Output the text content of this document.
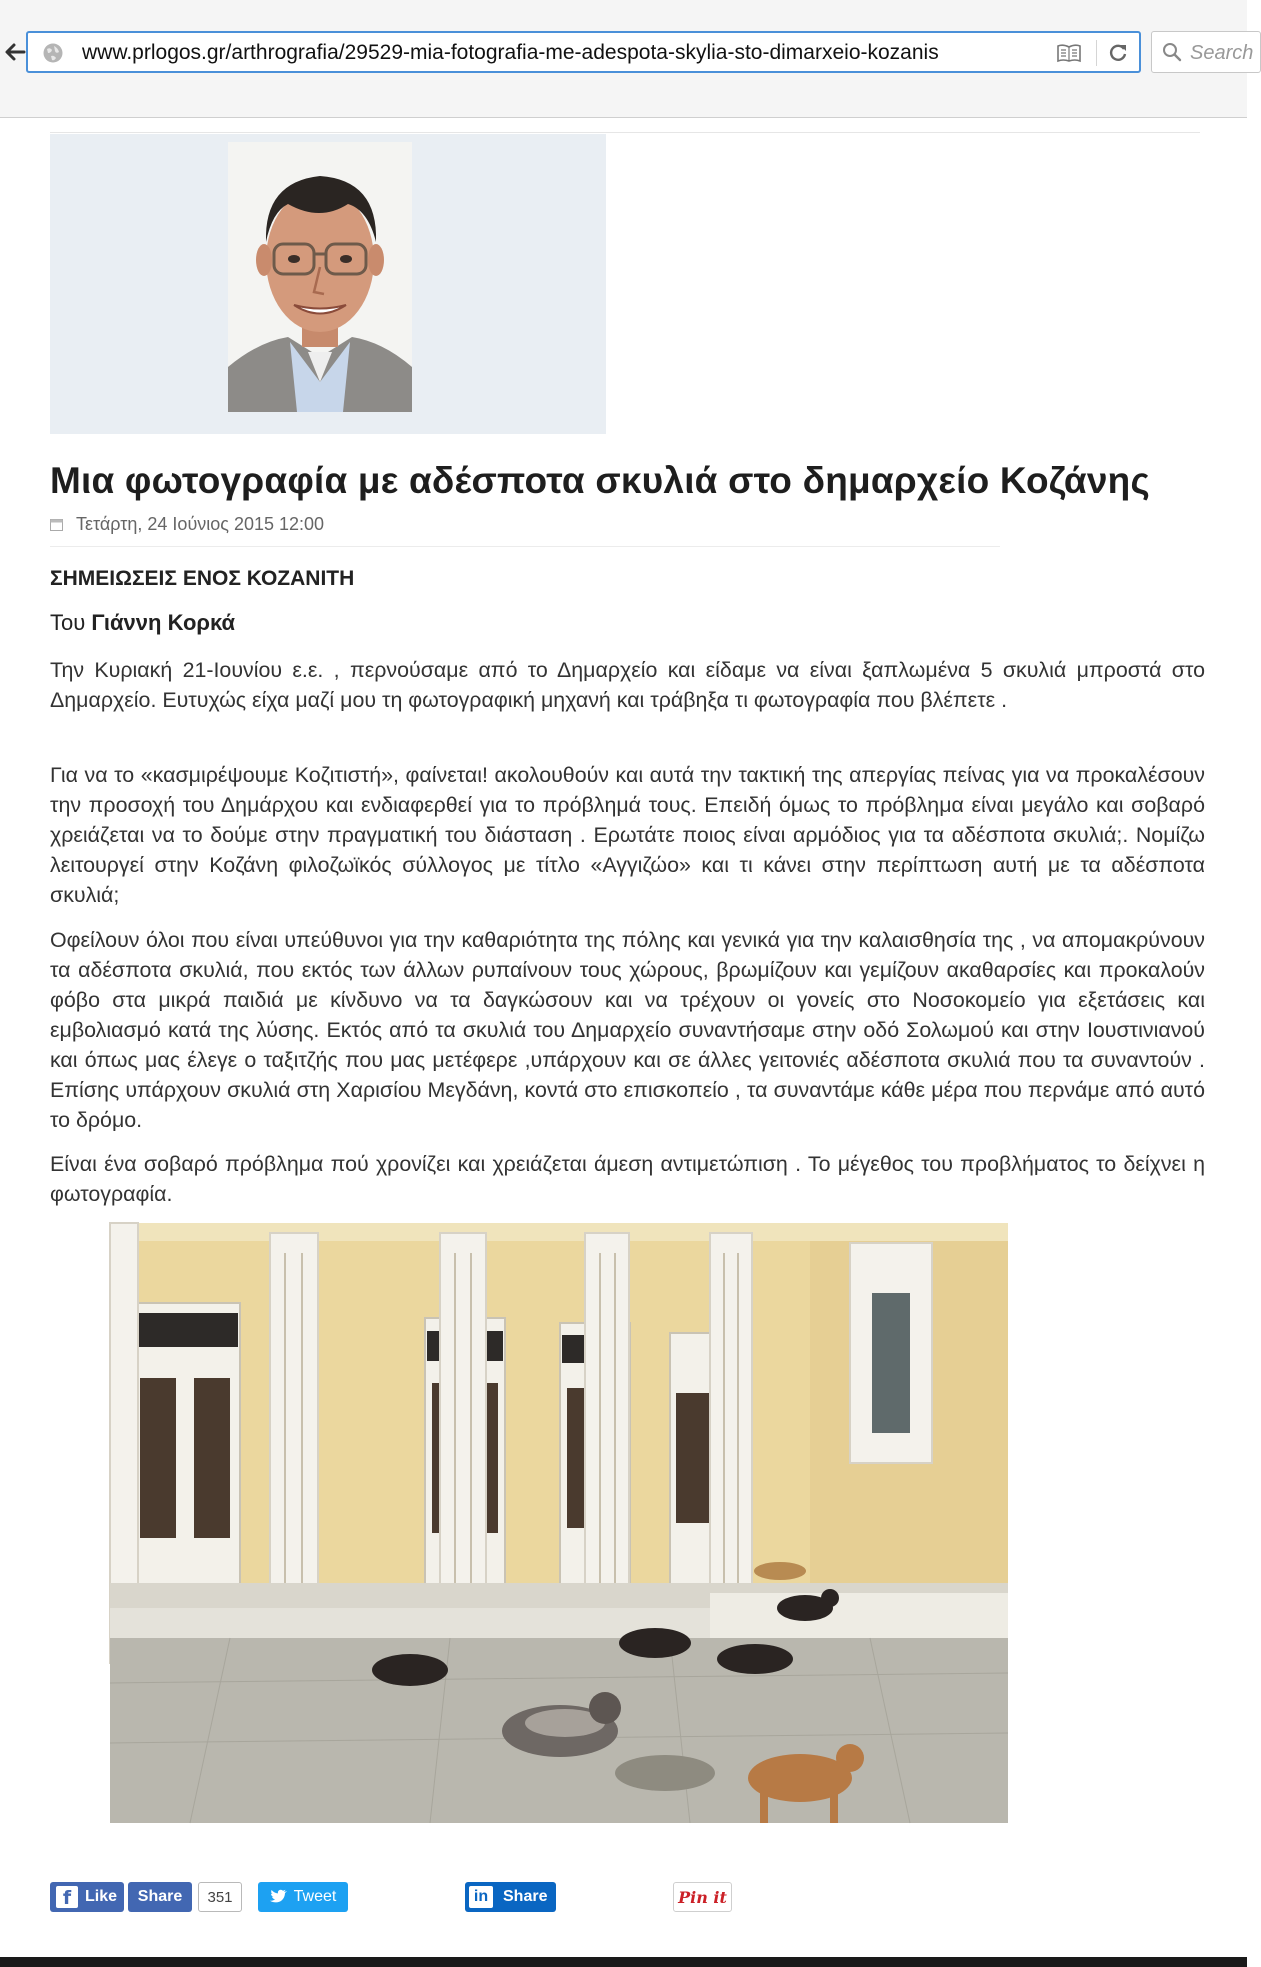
www.prlogos.gr/arthrografia/29529-mia-fotografia-me-adespota-skylia-sto-dimarxeio-kozanis	Search
Μια φωτογραφία με αδέσποτα σκυλιά στο δημαρχείο Κοζάνης
Τετάρτη, 24 Ιούνιος 2015 12:00
ΣΗΜΕΙΩΣΕΙΣ ΕΝΟΣ ΚΟΖΑΝΙΤΗ
Του Γιάννη Κορκά

Την Κυριακή 21-Ιουνίου ε.ε. , περνούσαμε από το Δημαρχείο και είδαμε να είναι ξαπλωμένα 5 σκυλιά μπροστά στο Δημαρχείο. Ευτυχώς είχα μαζί μου τη φωτογραφική μηχανή και τράβηξα τι φωτογραφία που βλέπετε .

Για να το «κασμιρέψουμε Κοζιτιστή», φαίνεται! ακολουθούν και αυτά την τακτική της απεργίας πείνας για να προκαλέσουν την προσοχή του Δημάρχου και ενδιαφερθεί για το πρόβλημά τους. Επειδή όμως το πρόβλημα είναι μεγάλο και σοβαρό χρειάζεται να το δούμε στην πραγματική του διάσταση . Ερωτάτε ποιος είναι αρμόδιος για τα αδέσποτα σκυλιά;. Νομίζω λειτουργεί στην Κοζάνη φιλοζωϊκός σύλλογος με τίτλο «Αγγιζώο» και τι κάνει στην περίπτωση αυτή με τα αδέσποτα σκυλιά;

Οφείλουν όλοι που είναι υπεύθυνοι για την καθαριότητα της πόλης και γενικά για την καλαισθησία της , να απομακρύνουν τα αδέσποτα σκυλιά, που εκτός των άλλων ρυπαίνουν τους χώρους, βρωμίζουν και γεμίζουν ακαθαρσίες και προκαλούν φόβο στα μικρά παιδιά με κίνδυνο να τα δαγκώσουν και να τρέχουν οι γονείς στο Νοσοκομείο για εξετάσεις και εμβολιασμό κατά της λύσης. Εκτός από τα σκυλιά του Δημαρχείο συναντήσαμε στην οδό Σολωμού και στην Ιουστινιανού και όπως μας έλεγε ο ταξιτζής που μας μετέφερε ,υπάρχουν και σε άλλες γειτονιές αδέσποτα σκυλιά που τα συναντούν . Επίσης υπάρχουν σκυλιά στη Χαρισίου Μεγδάνη, κοντά στο επισκοπείο , τα συναντάμε κάθε μέρα που περνάμε από αυτό το δρόμο.

Είναι ένα σοβαρό πρόβλημα πού χρονίζει και χρειάζεται άμεση αντιμετώπιση . Το μέγεθος του προβλήματος το δείχνει η φωτογραφία.

f Like Share	351	Tweet	in Share	Pin it
